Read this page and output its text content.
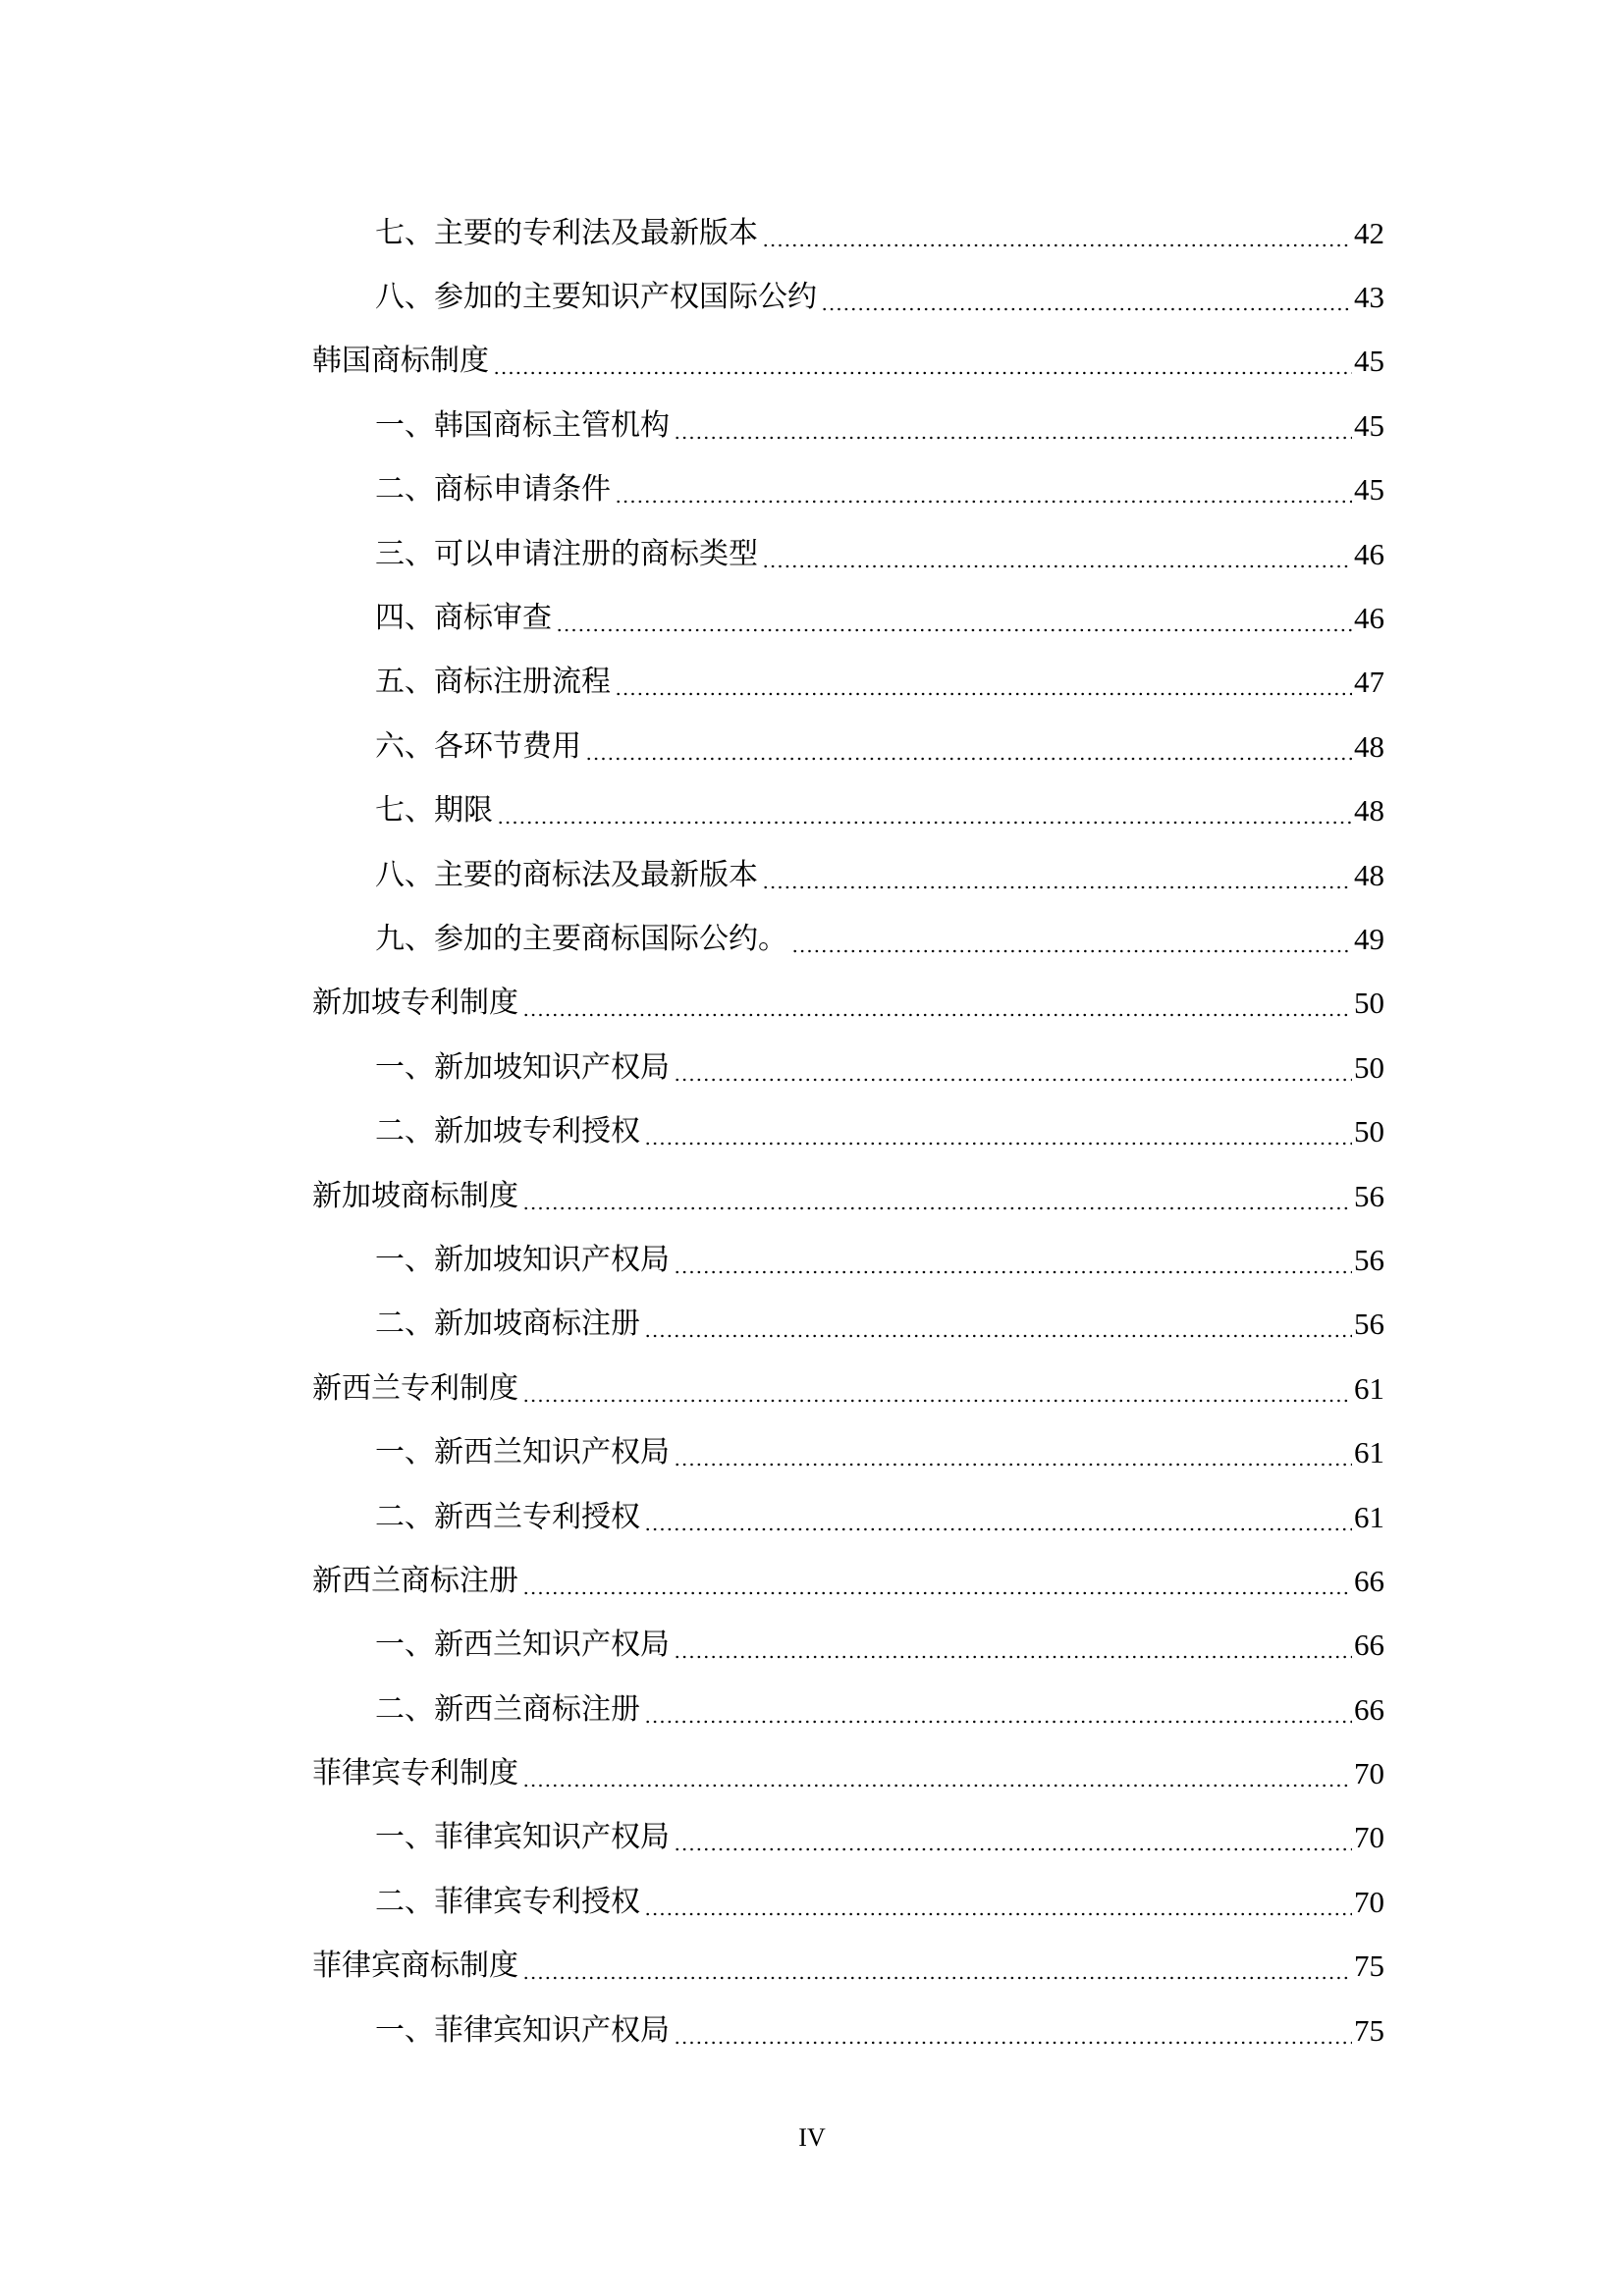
七、主要的专利法及最新版本	42
八、参加的主要知识产权国际公约	43
韩国商标制度	45
一、韩国商标主管机构	45
二、商标申请条件	45
三、可以申请注册的商标类型	46
四、商标审查	46
五、商标注册流程	47
六、各环节费用	48
七、期限	48
八、主要的商标法及最新版本	48
九、参加的主要商标国际公约。	49
新加坡专利制度	50
一、新加坡知识产权局	50
二、新加坡专利授权	50
新加坡商标制度	56
一、新加坡知识产权局	56
二、新加坡商标注册	56
新西兰专利制度	61
一、新西兰知识产权局	61
二、新西兰专利授权	61
新西兰商标注册	66
一、新西兰知识产权局	66
二、新西兰商标注册	66
菲律宾专利制度	70
一、菲律宾知识产权局	70
二、菲律宾专利授权	70
菲律宾商标制度	75
一、菲律宾知识产权局	75
IV
